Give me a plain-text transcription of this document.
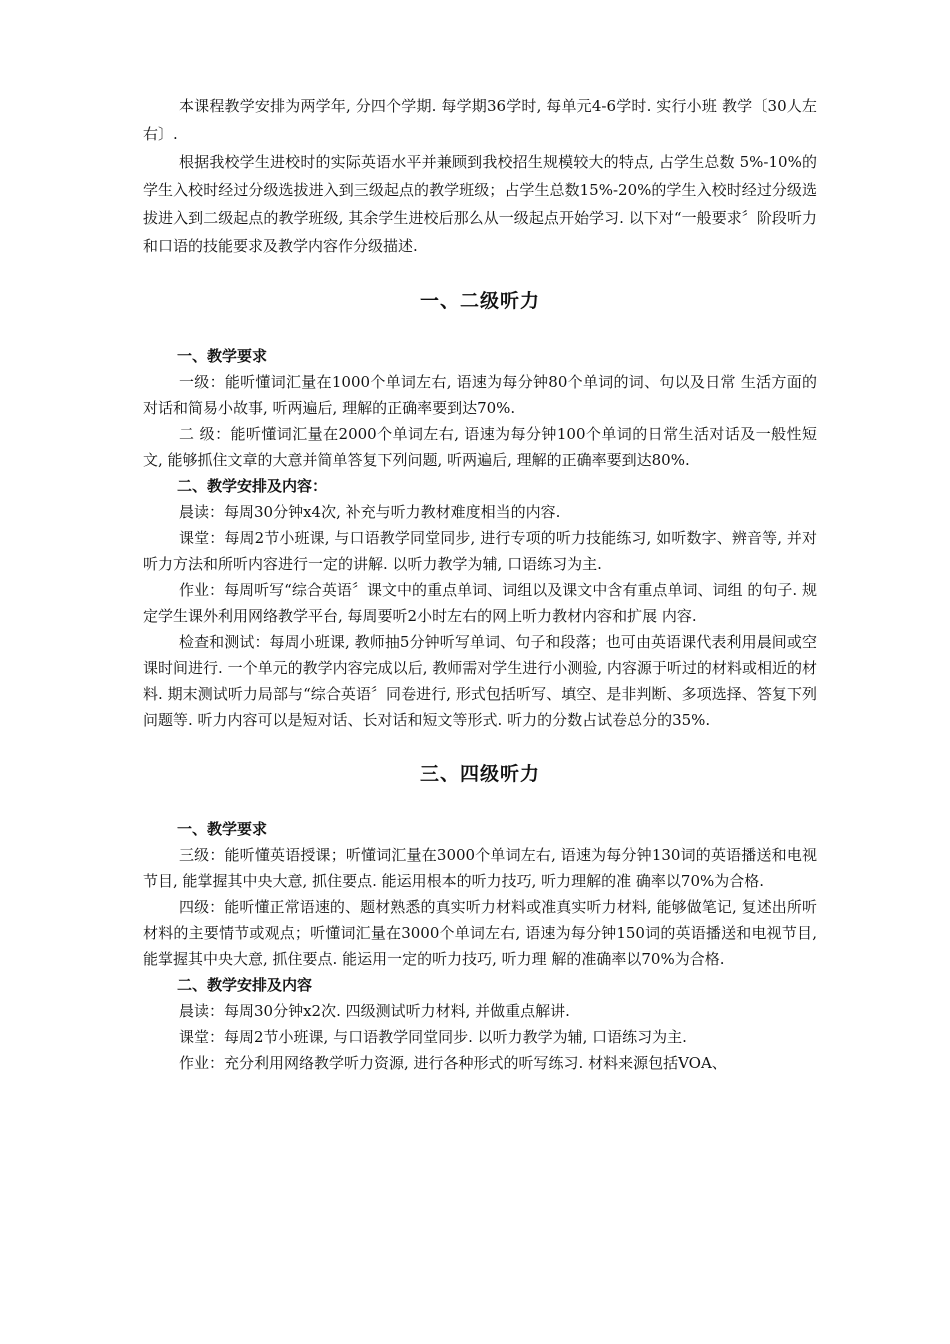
本课程教学安排为两学年, 分四个学期. 每学期36学时, 每单元4-6学时. 实行小班 教学〔30人左右〕.

根据我校学生进校时的实际英语水平并兼顾到我校招生规模较大的特点, 占学生总数 5%-10%的学生入校时经过分级选拔进入到三级起点的教学班级；占学生总数15%-20%的学生入校时经过分级选拔进入到二级起点的教学班级, 其余学生进校后那么从一级起点开始学习. 以下对“一般要求〞阶段听力和口语的技能要求及教学内容作分级描述.

一、二级听力
一、教学要求

一级：能听懂词汇量在1000个单词左右, 语速为每分钟80个单词的词、句以及日常 生活方面的对话和简易小故事, 听两遍后, 理解的正确率要到达70%.

二 级：能听懂词汇量在2000个单词左右, 语速为每分钟100个单词的日常生活对话及一般性短文, 能够抓住文章的大意并简单答复下列问题, 听两遍后, 理解的正确率要到达80%.

二、教学安排及内容：

晨读：每周30分钟x4次, 补充与听力教材难度相当的内容.

课堂：每周2节小班课, 与口语教学同堂同步, 进行专项的听力技能练习, 如听数字、辨音等, 并对听力方法和所听内容进行一定的讲解. 以听力教学为辅, 口语练习为主.

作业：每周听写“综合英语〞课文中的重点单词、词组以及课文中含有重点单词、词组 的句子. 规定学生课外利用网络教学平台, 每周要听2小时左右的网上听力教材内容和扩展 内容.

检查和测试：每周小班课, 教师抽5分钟听写单词、句子和段落；也可由英语课代表利用晨间或空课时间进行. 一个单元的教学内容完成以后, 教师需对学生进行小测验, 内容源于听过的材料或相近的材料. 期末测试听力局部与“综合英语〞同卷进行, 形式包括听写、填空、是非判断、多项选择、答复下列问题等. 听力内容可以是短对话、长对话和短文等形式. 听力的分数占试卷总分的35%.

三、四级听力
一、教学要求

三级：能听懂英语授课；听懂词汇量在3000个单词左右, 语速为每分钟130词的英语播送和电视节目, 能掌握其中央大意, 抓住要点. 能运用根本的听力技巧, 听力理解的准 确率以70%为合格.

四级：能听懂正常语速的、题材熟悉的真实听力材料或准真实听力材料, 能够做笔记, 复述出所听材料的主要情节或观点；听懂词汇量在3000个单词左右, 语速为每分钟150词的英语播送和电视节目, 能掌握其中央大意, 抓住要点. 能运用一定的听力技巧, 听力理 解的准确率以70%为合格.

二、教学安排及内容

晨读：每周30分钟x2次. 四级测试听力材料, 并做重点解讲.

课堂：每周2节小班课, 与口语教学同堂同步. 以听力教学为辅, 口语练习为主.

作业：充分利用网络教学听力资源, 进行各种形式的听写练习. 材料来源包括VOA、
